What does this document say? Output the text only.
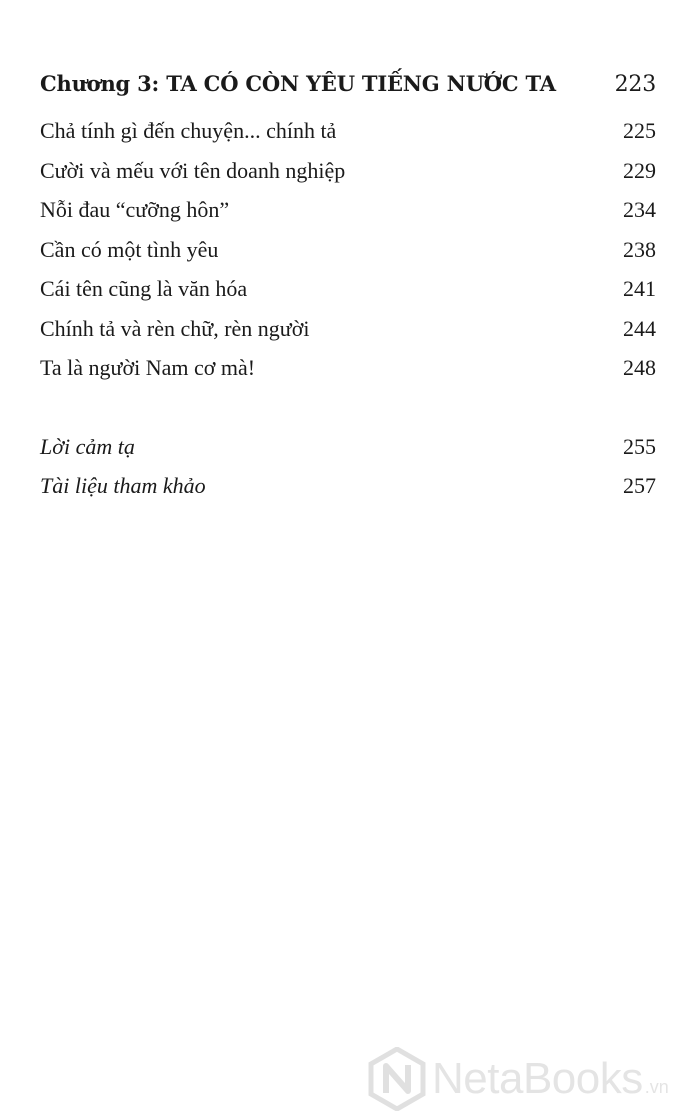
Chương 3: TA CÓ CÒN YÊU TIẾNG NƯỚC TA	223
Chả tính gì đến chuyện... chính tả	225
Cười và mếu với tên doanh nghiệp	229
Nỗi đau “cưỡng hôn”	234
Cần có một tình yêu	238
Cái tên cũng là văn hóa	241
Chính tả và rèn chữ, rèn người	244
Ta là người Nam cơ mà!	248
Lời cảm tạ	255
Tài liệu tham khảo	257
NetaBooks .vn
